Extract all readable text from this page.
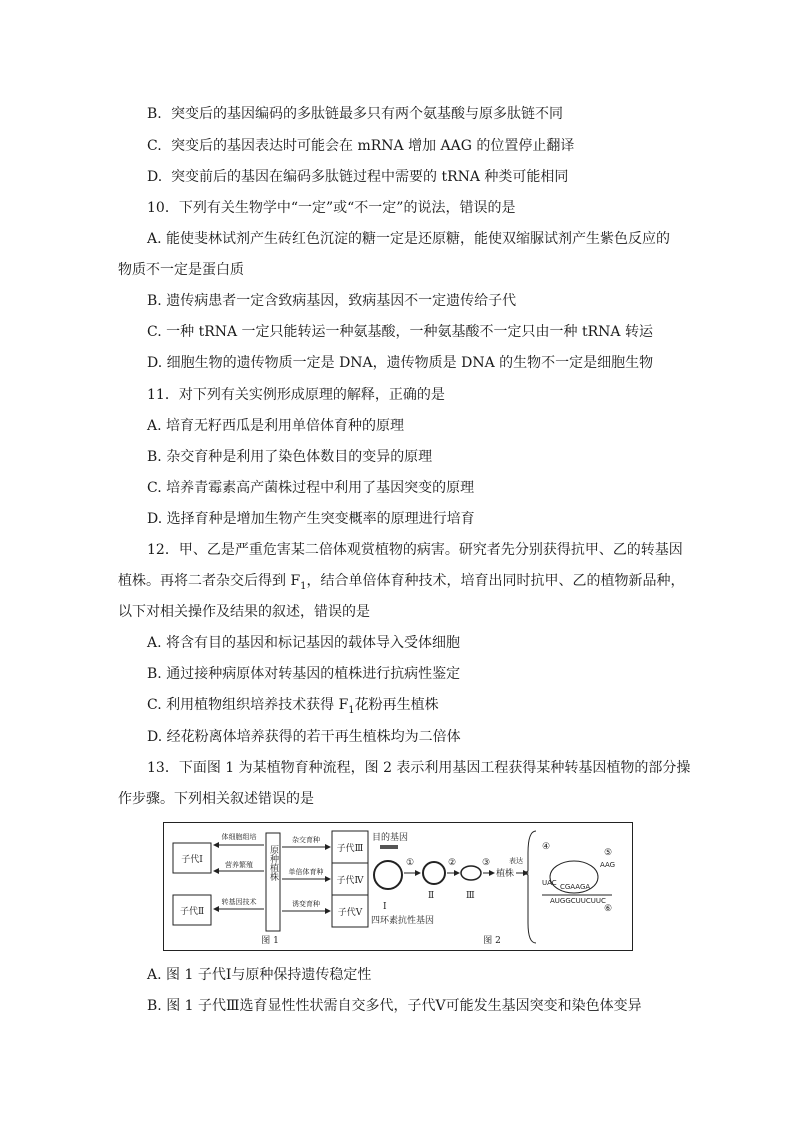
B. 突变后的基因编码的多肽链最多只有两个氨基酸与原多肽链不同
C. 突变后的基因表达时可能会在 mRNA 增加 AAG 的位置停止翻译
D. 突变前后的基因在编码多肽链过程中需要的 tRNA 种类可能相同
10．下列有关生物学中“一定”或“不一定”的说法，错误的是
A. 能使斐林试剂产生砖红色沉淀的糖一定是还原糖，能使双缩脲试剂产生紫色反应的
物质不一定是蛋白质
B. 遗传病患者一定含致病基因，致病基因不一定遗传给子代
C. 一种 tRNA 一定只能转运一种氨基酸，一种氨基酸不一定只由一种 tRNA 转运
D. 细胞生物的遗传物质一定是 DNA，遗传物质是 DNA 的生物不一定是细胞生物
11．对下列有关实例形成原理的解释，正确的是
A. 培育无籽西瓜是利用单倍体育种的原理
B. 杂交育种是利用了染色体数目的变异的原理
C. 培养青霉素高产菌株过程中利用了基因突变的原理
D. 选择育种是增加生物产生突变概率的原理进行培育
12．甲、乙是严重危害某二倍体观赏植物的病害。研究者先分别获得抗甲、乙的转基因
植株。再将二者杂交后得到 $F_1$，结合单倍体育种技术，培育出同时抗甲、乙的植物新品种，
以下对相关操作及结果的叙述，错误的是
A. 将含有目的基因和标记基因的载体导入受体细胞
B. 通过接种病原体对转基因的植株进行抗病性鉴定
C. 利用植物组织培养技术获得 $F_1$花粉再生植株
D. 经花粉离体培养获得的若干再生植株均为二倍体
13．下面图 1 为某植物育种流程，图 2 表示利用基因工程获得某种转基因植物的部分操
作步骤。下列相关叙述错误的是
子代Ⅰ
子代Ⅱ
原种植株
体细胞组培
营养繁殖
转基因技术
子代Ⅲ
子代Ⅳ
子代Ⅴ
杂交育种
单倍体育种
诱变育种
图 1
目的基因
Ⅰ
四环素抗性基因
①
Ⅱ
②
Ⅲ
③
植株
表达
④
⑤
AAG
UAC CGAAGA
AUGGCUUCUUC
⑥
图 2
A. 图 1 子代Ⅰ与原种保持遗传稳定性
B. 图 1 子代Ⅲ选育显性性状需自交多代，子代Ⅴ可能发生基因突变和染色体变异
